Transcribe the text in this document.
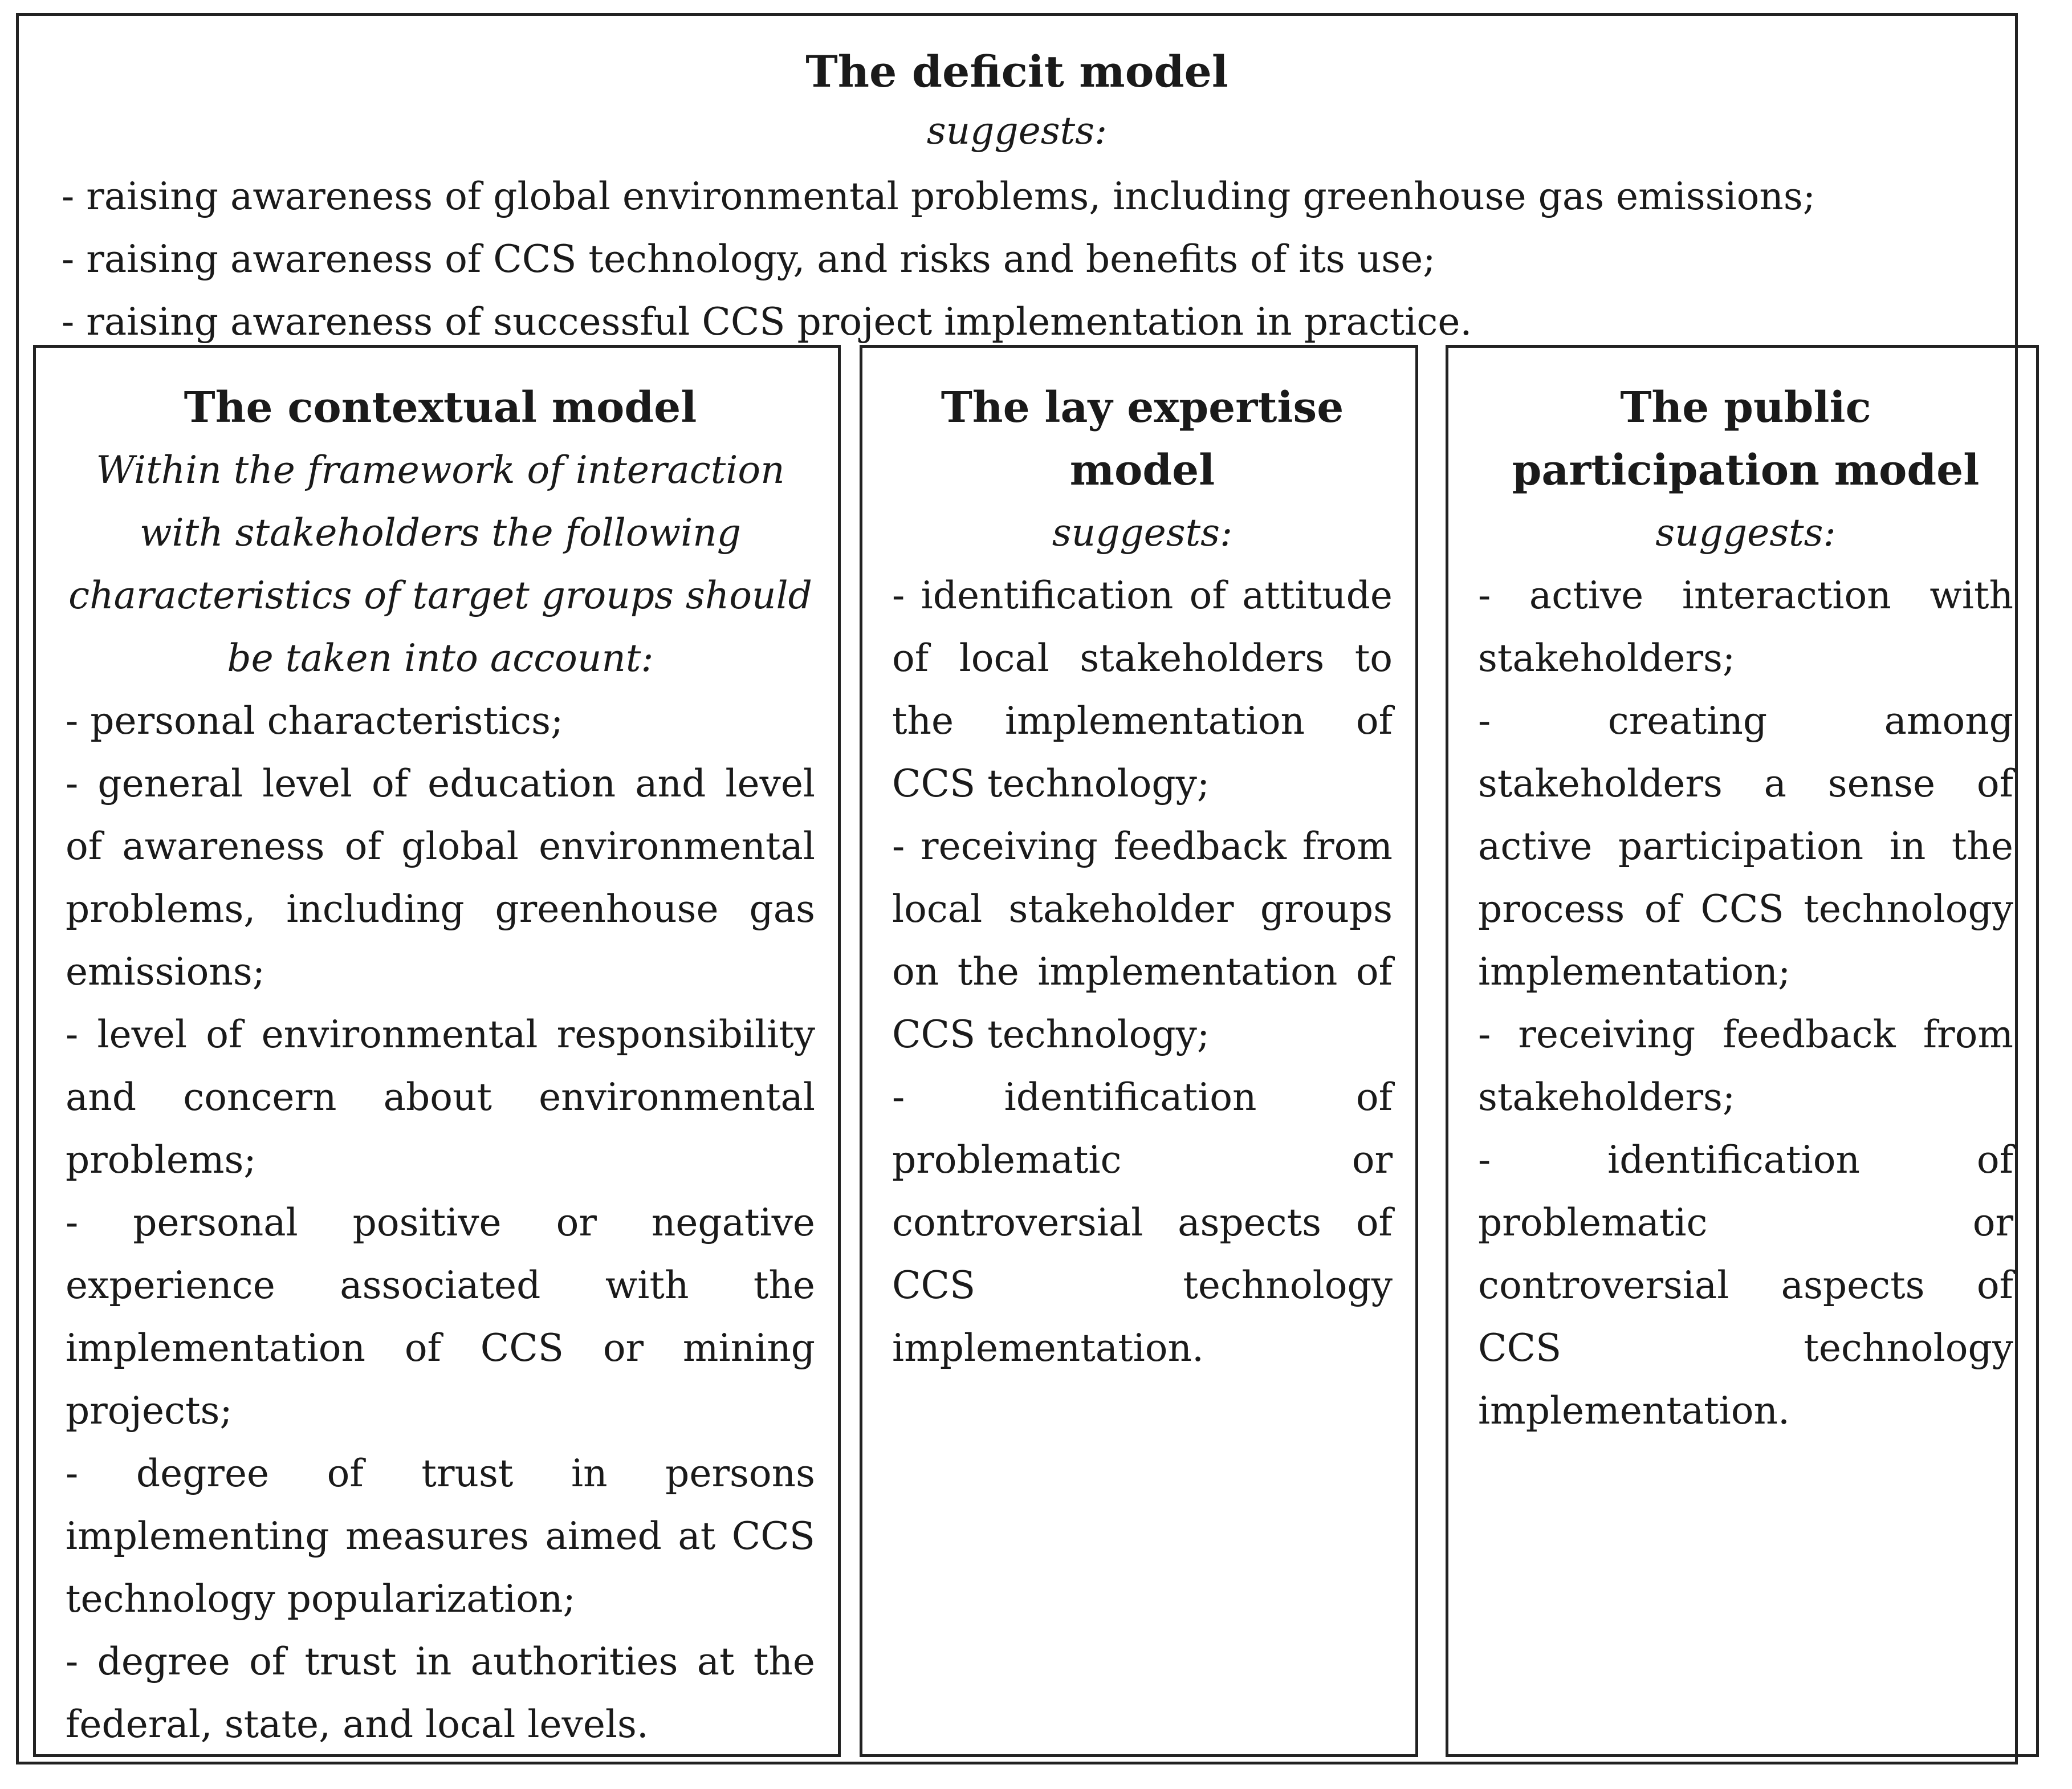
The deficit model
suggests:
- raising awareness of global environmental problems, including greenhouse gas emissions;
- raising awareness of CCS technology, and risks and benefits of its use;
- raising awareness of successful CCS project implementation in practice.
The contextual model
Within the framework of interaction with stakeholders the following characteristics of target groups should be taken into account:
- personal characteristics;
- general level of education and level of awareness of global environmental problems, including greenhouse gas emissions;
- level of environmental responsibility and concern about environmental problems;
- personal positive or negative experience associated with the implementation of CCS or mining projects;
- degree of trust in persons implementing measures aimed at CCS technology popularization;
- degree of trust in authorities at the federal, state, and local levels.
The lay expertise model
suggests:
- identification of attitude of local stakeholders to the implementation of CCS technology;
- receiving feedback from local stakeholder groups on the implementation of CCS technology;
- identification of problematic or controversial aspects of CCS technology implementation.
The public participation model
suggests:
- active interaction with stakeholders;
- creating among stakeholders a sense of active participation in the process of CCS technology implementation;
- receiving feedback from stakeholders;
- identification of problematic or controversial aspects of CCS technology implementation.
